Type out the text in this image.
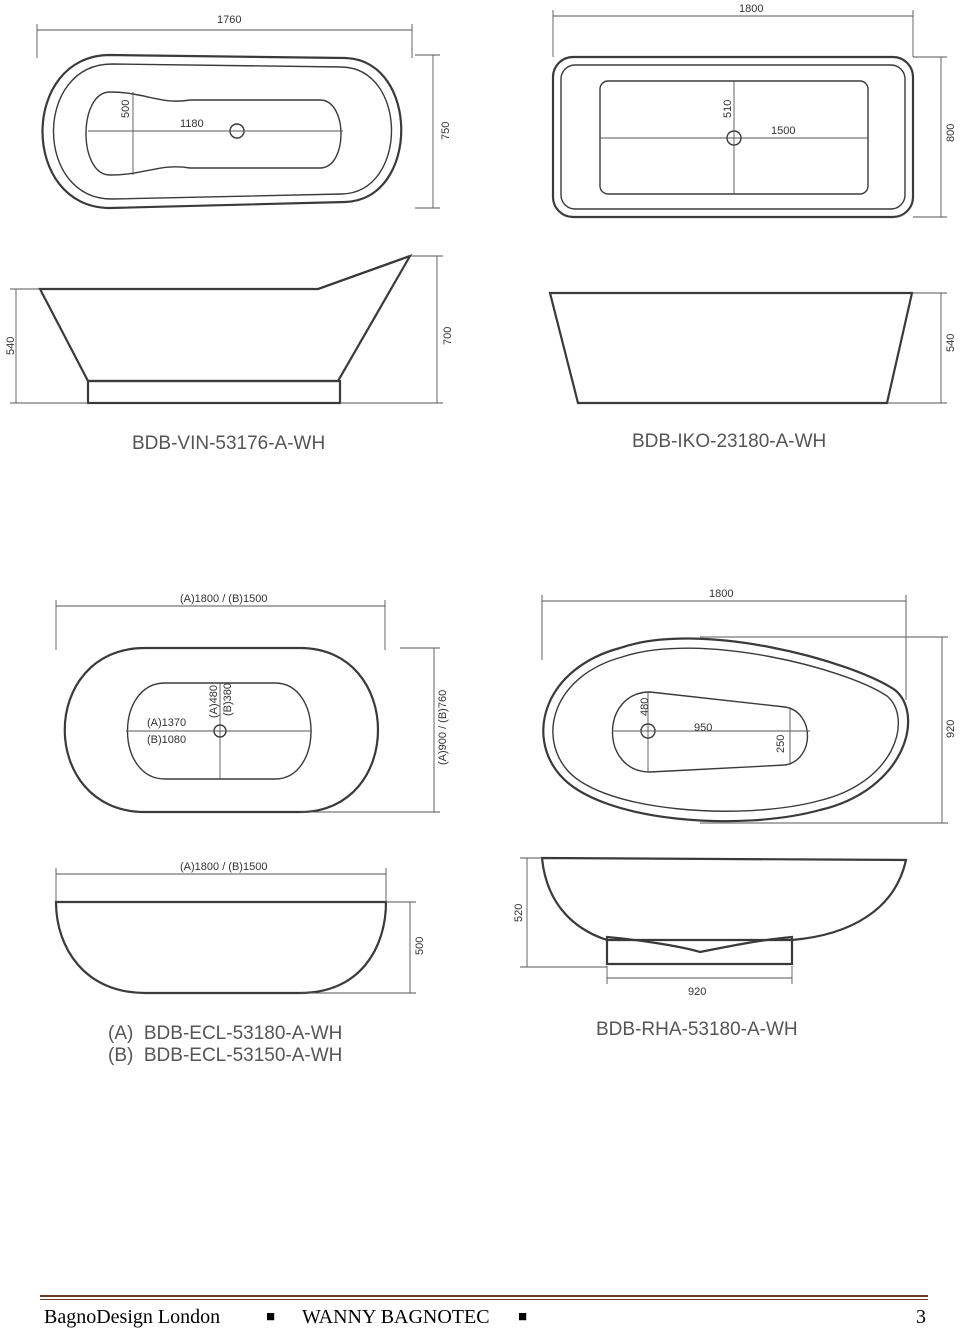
1760
750
500
1180
540
700
BDB-VIN-53176-A-WH
1800
800
510
1500
540
BDB-IKO-23180-A-WH
(A)1800 / (B)1500
(A)900 / (B)760
(A)1370
(B)1080
(A)480 (B)380
(A)1800 / (B)1500
500
(A)  BDB-ECL-53180-A-WH
(B)  BDB-ECL-53150-A-WH
1800
920
480
950
250
520
920
BDB-RHA-53180-A-WH
BagnoDesign London	■ WANNY BAGNOTEC ■	3
